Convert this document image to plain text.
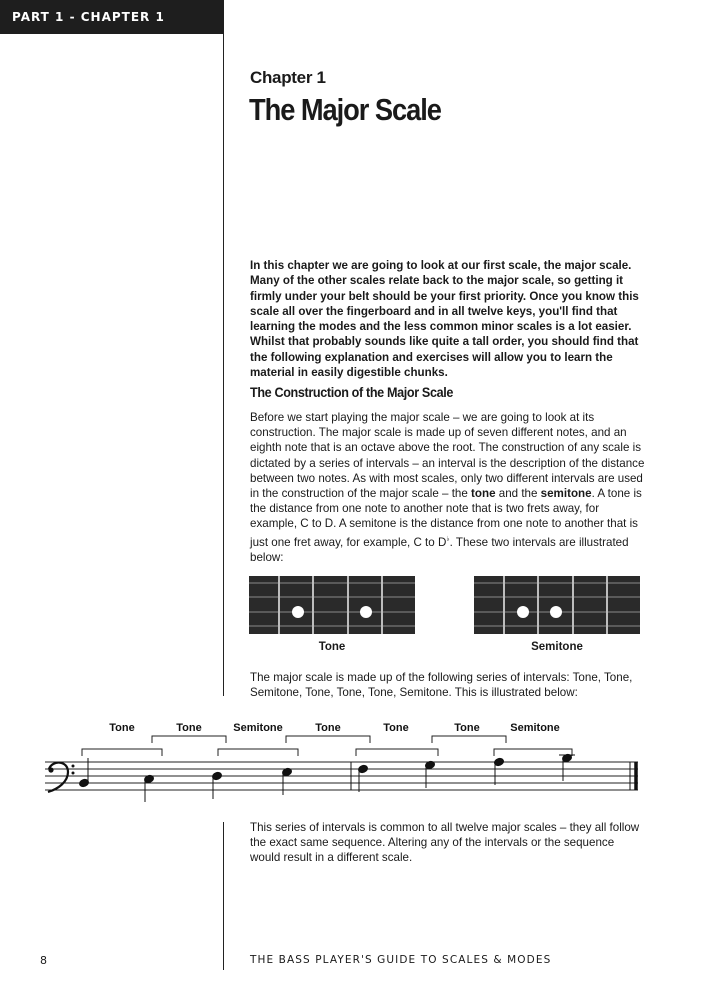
PART 1 - CHAPTER 1
Chapter 1
The Major Scale

In this chapter we are going to look at our first scale, the major scale. Many of the other scales relate back to the major scale, so getting it firmly under your belt should be your first priority. Once you know this scale all over the fingerboard and in all twelve keys, you'll find that learning the modes and the less common minor scales is a lot easier. Whilst that probably sounds like quite a tall order, you should find that the following explanation and exercises will allow you to learn the material in easily digestible chunks.

The Construction of the Major Scale

Before we start playing the major scale – we are going to look at its construction. The major scale is made up of seven different notes, and an eighth note that is an octave above the root. The construction of any scale is dictated by a series of intervals – an interval is the description of the distance between two notes. As with most scales, only two different intervals are used in the construction of the major scale – the tone and the semitone. A tone is the distance from one note to another note that is two frets away, for example, C to D. A semitone is the distance from one note to another that is just one fret away, for example, C to D♭. These two intervals are illustrated below:

Tone	Semitone

The major scale is made up of the following series of intervals: Tone, Tone, Semitone, Tone, Tone, Tone, Semitone. This is illustrated below:

Tone	Tone	Semitone	Tone	Tone	Tone	Semitone

This series of intervals is common to all twelve major scales – they all follow the exact same sequence. Altering any of the intervals or the sequence would result in a different scale.

8	THE BASS PLAYER'S GUIDE TO SCALES & MODES
